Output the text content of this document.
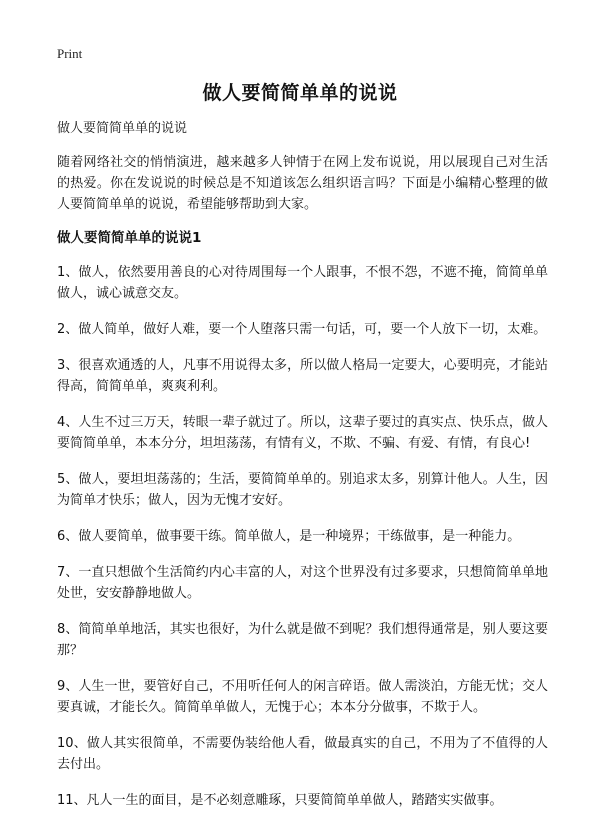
Print
做人要简简单单的说说

做人要简简单单的说说

随着网络社交的悄悄演进，越来越多人钟情于在网上发布说说，用以展现自己对生活的热爱。你在发说说的时候总是不知道该怎么组织语言吗？下面是小编精心整理的做人要简简单单的说说，希望能够帮助到大家。

做人要简简单单的说说1

1、做人，依然要用善良的心对待周围每一个人跟事，不恨不怨，不遮不掩，简简单单做人，诚心诚意交友。

2、做人简单，做好人难，要一个人堕落只需一句话，可，要一个人放下一切，太难。

3、很喜欢通透的人，凡事不用说得太多，所以做人格局一定要大，心要明亮，才能站得高，简简单单，爽爽利利。

4、人生不过三万天，转眼一辈子就过了。所以，这辈子要过的真实点、快乐点，做人要简简单单，本本分分，坦坦荡荡，有情有义，不欺、不骗、有爱、有情，有良心!

5、做人，要坦坦荡荡的；生活，要简简单单的。别追求太多，别算计他人。人生，因为简单才快乐；做人，因为无愧才安好。

6、做人要简单，做事要干练。简单做人，是一种境界；干练做事，是一种能力。

7、一直只想做个生活简约内心丰富的人，对这个世界没有过多要求，只想简简单单地处世，安安静静地做人。

8、简简单单地活，其实也很好，为什么就是做不到呢？我们想得通常是，别人要这要那？

9、人生一世，要管好自己，不用听任何人的闲言碎语。做人需淡泊，方能无忧；交人要真诚，才能长久。简简单单做人，无愧于心；本本分分做事，不欺于人。

10、做人其实很简单，不需要伪装给他人看，做最真实的自己，不用为了不值得的人去付出。

11、凡人一生的面目，是不必刻意雕琢，只要简简单单做人，踏踏实实做事。
